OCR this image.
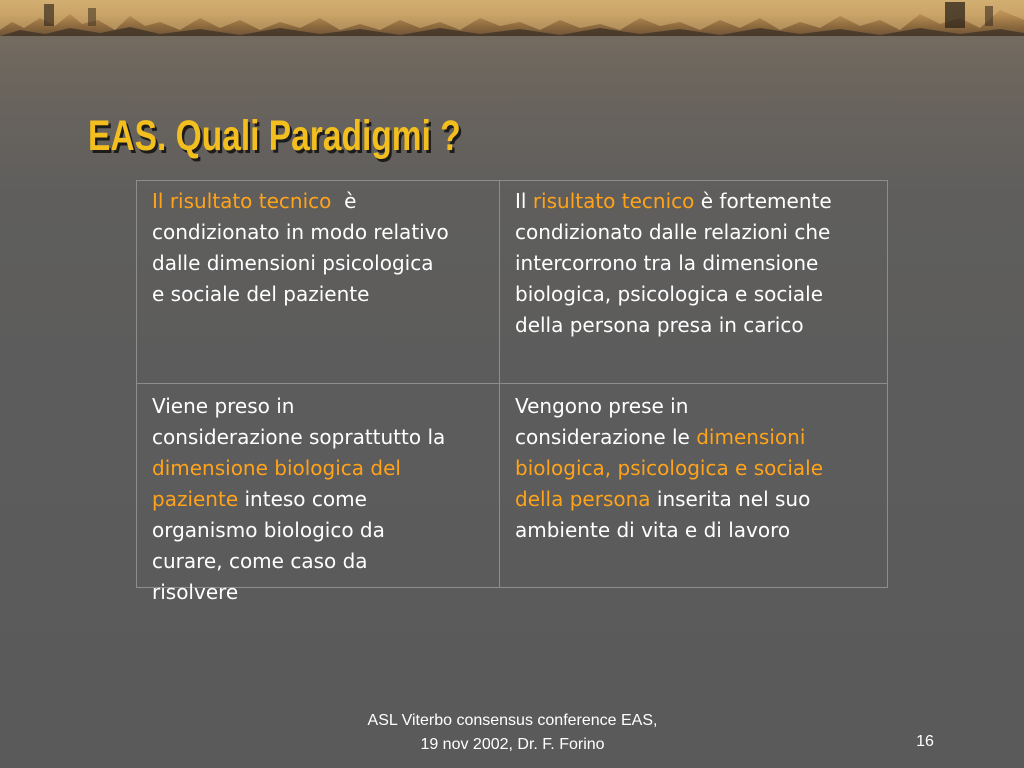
EAS. Quali Paradigmi ?
Il risultato tecnico  è
condizionato in modo relativo
dalle dimensioni psicologica
e sociale del paziente
Il risultato tecnico è fortemente
condizionato dalle relazioni che
intercorrono tra la dimensione
biologica, psicologica e sociale
della persona presa in carico
Viene preso in
considerazione soprattutto la
dimensione biologica del
paziente inteso come
organismo biologico da
curare, come caso da
risolvere
Vengono prese in
considerazione le dimensioni
biologica, psicologica e sociale
della persona inserita nel suo
ambiente di vita e di lavoro
ASL Viterbo consensus conference EAS,
19 nov 2002, Dr. F. Forino	16
